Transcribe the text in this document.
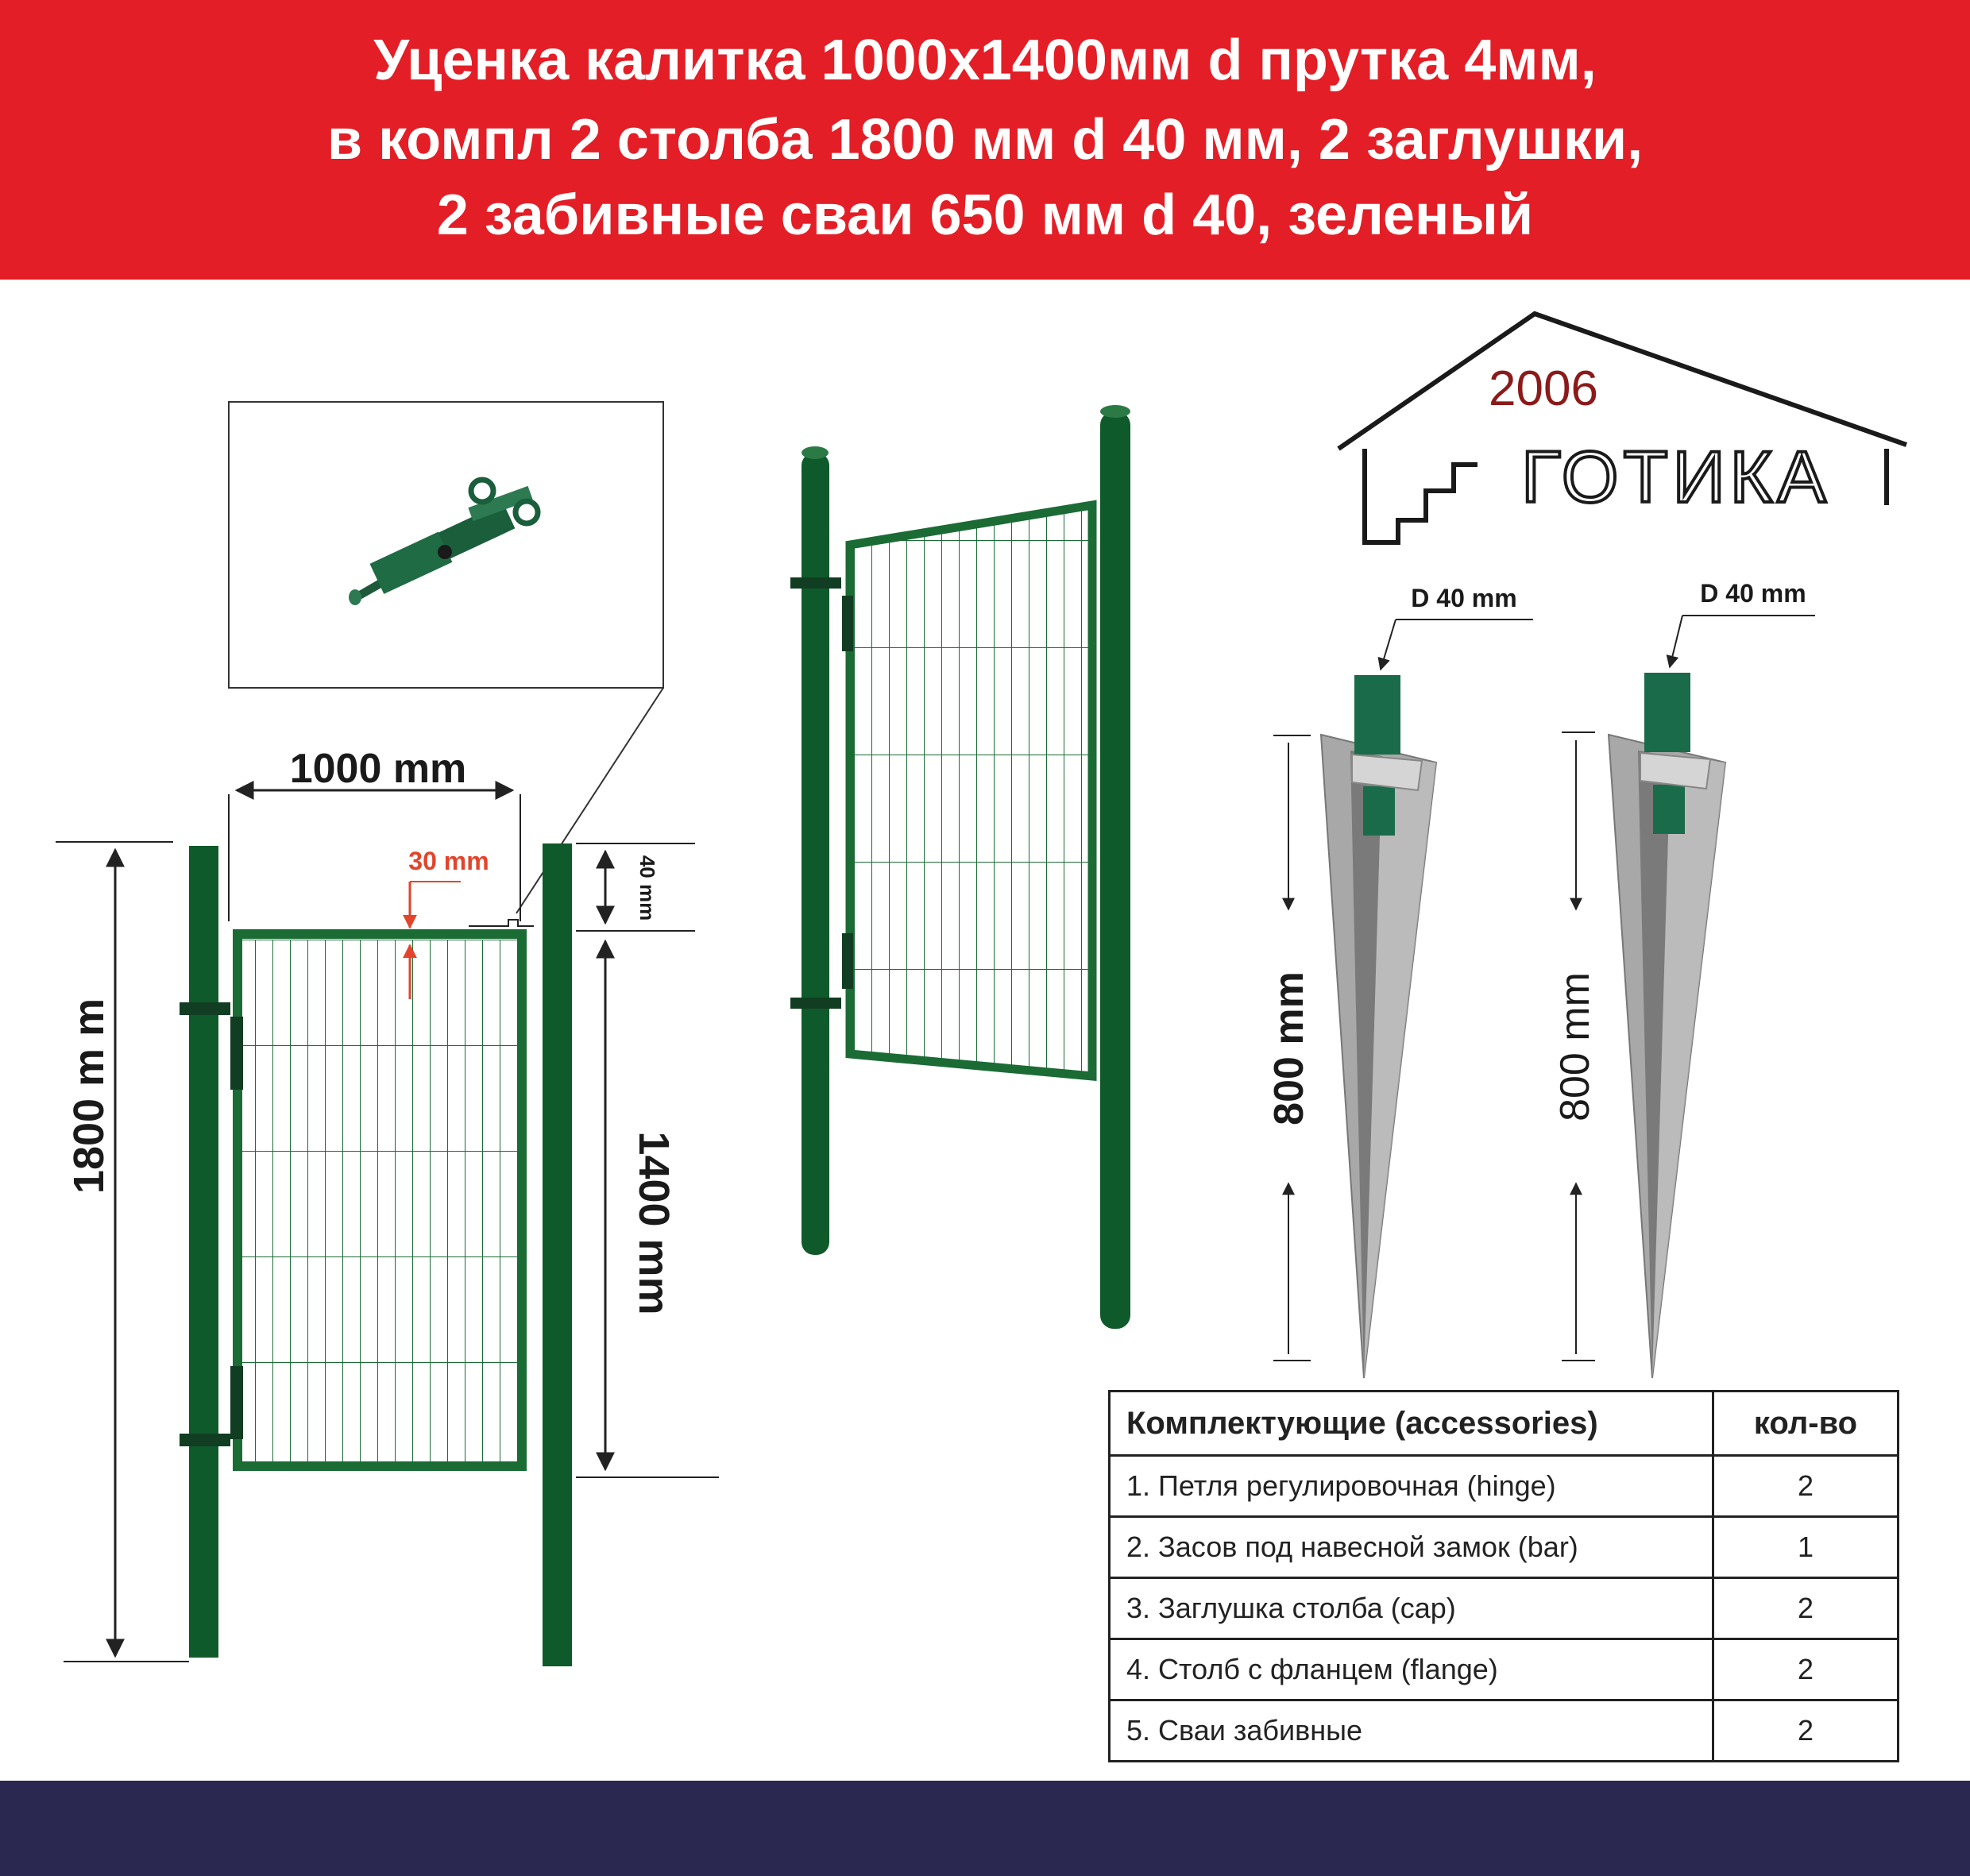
Уценка калитка 1000х1400мм d прутка 4мм,
в компл 2 столба 1800 мм d 40 мм, 2 заглушки,
2 забивные сваи 650 мм d 40, зеленый
1000 mm
30 mm	40 mm
1800 m m
1400 mm
2006
ГОТИКА
D 40 mm
800 mm
D 40 mm
800 mm
Комплектующие (accessories)	кол-во
1. Петля регулировочная (hinge)	2
2. Засов под навесной замок (bar)	1
3. Заглушка столба (cap)	2
4. Столб с фланцем (flange)	2
5. Сваи забивные	2
